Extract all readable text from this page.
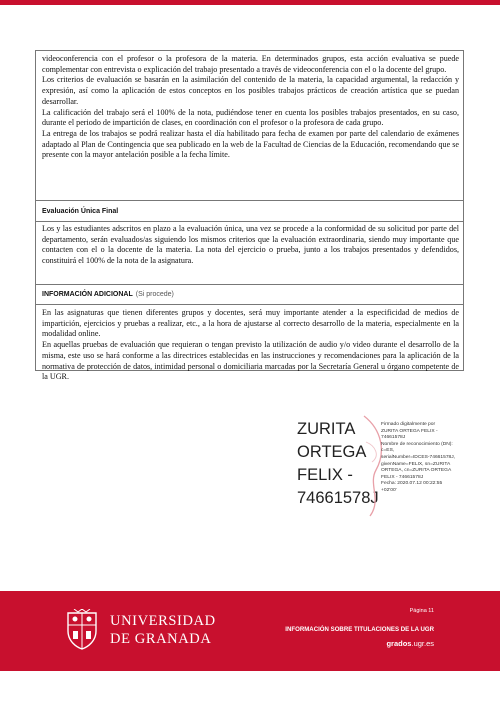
videoconferencia con el profesor o la profesora de la materia. En determinados grupos, esta acción evaluativa se puede complementar con entrevista o explicación del trabajo presentado a través de videoconferencia con el o la docente del grupo.

Los criterios de evaluación se basarán en la asimilación del contenido de la materia, la capacidad argumental, la redacción y expresión, así como la aplicación de estos conceptos en los posibles trabajos prácticos de creación artística que se puedan desarrollar.

La calificación del trabajo será el 100% de la nota, pudiéndose tener en cuenta los posibles trabajos presentados, en su caso, durante el periodo de impartición de clases, en coordinación con el profesor o la profesora de cada grupo.

La entrega de los trabajos se podrá realizar hasta el día habilitado para fecha de examen por parte del calendario de exámenes adaptado al Plan de Contingencia que sea publicado en la web de la Facultad de Ciencias de la Educación, recomendando que se presente con la mayor antelación posible a la fecha límite.

Evaluación Única Final

Los y las estudiantes adscritos en plazo a la evaluación única, una vez se procede a la conformidad de su solicitud por parte del departamento, serán evaluados/as siguiendo los mismos criterios que la evaluación extraordinaria, siendo muy importante que contacten con el o la docente de la materia. La nota del ejercicio o prueba, junto a los trabajos presentados y defendidos, constituirá el 100% de la nota de la asignatura.

INFORMACIÓN ADICIONAL (Si procede)

En las asignaturas que tienen diferentes grupos y docentes, será muy importante atender a la especificidad de medios de impartición, ejercicios y pruebas a realizar, etc., a la hora de ajustarse al correcto desarrollo de la materia, especialmente en la modalidad online.

En aquellas pruebas de evaluación que requieran o tengan previsto la utilización de audio y/o video durante el desarrollo de la misma, este uso se hará conforme a las directrices establecidas en las instrucciones y recomendaciones para la aplicación de la normativa de protección de datos, intimidad personal o domiciliaria marcadas por la Secretaría General u órgano competente de la UGR.

ZURITA
ORTEGA
FELIX -
74661578J
Firmado digitalmente por
ZURITA ORTEGA FELIX -
74661578J
Nombre de reconocimiento (DN):
c=ES,
serialNumber=IDCES-74661578J,
givenName=FELIX, sn=ZURITA
ORTEGA, cn=ZURITA ORTEGA
FELIX - 74661578J
Fecha: 2020.07.12 00:22:55
+02'00'
UNIVERSIDAD
DE GRANADA
Página 11
INFORMACIÓN SOBRE TITULACIONES DE LA UGR
grados.ugr.es
